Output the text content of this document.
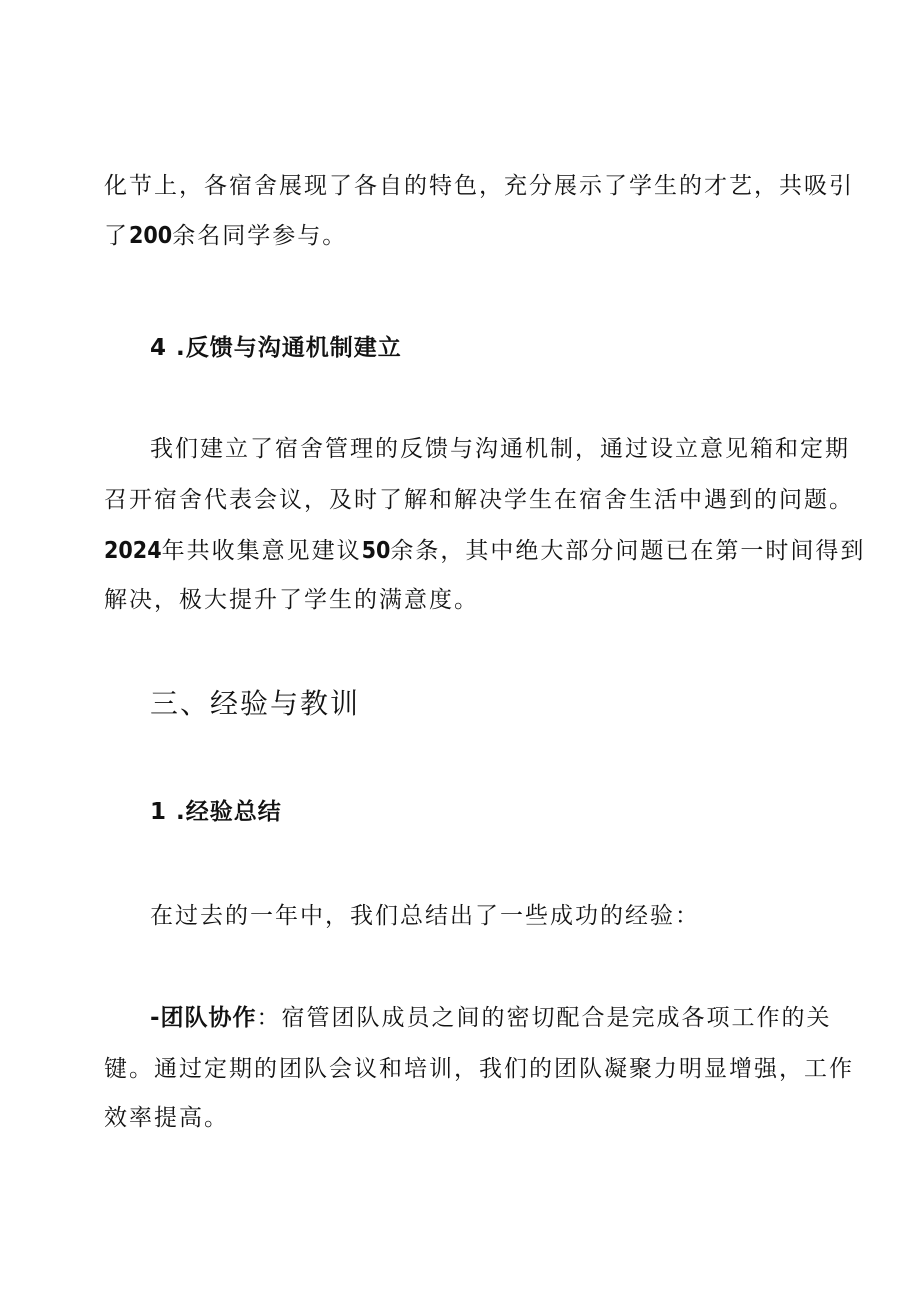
化节上，各宿舍展现了各自的特色，充分展示了学生的才艺，共吸引
了200余名同学参与。
4 .反馈与沟通机制建立
我们建立了宿舍管理的反馈与沟通机制，通过设立意见箱和定期
召开宿舍代表会议，及时了解和解决学生在宿舍生活中遇到的问题。
2024年共收集意见建议50余条，其中绝大部分问题已在第一时间得到
解决，极大提升了学生的满意度。
三、经验与教训
1 .经验总结
在过去的一年中，我们总结出了一些成功的经验：
-团队协作：宿管团队成员之间的密切配合是完成各项工作的关
键。通过定期的团队会议和培训，我们的团队凝聚力明显增强，工作
效率提高。
